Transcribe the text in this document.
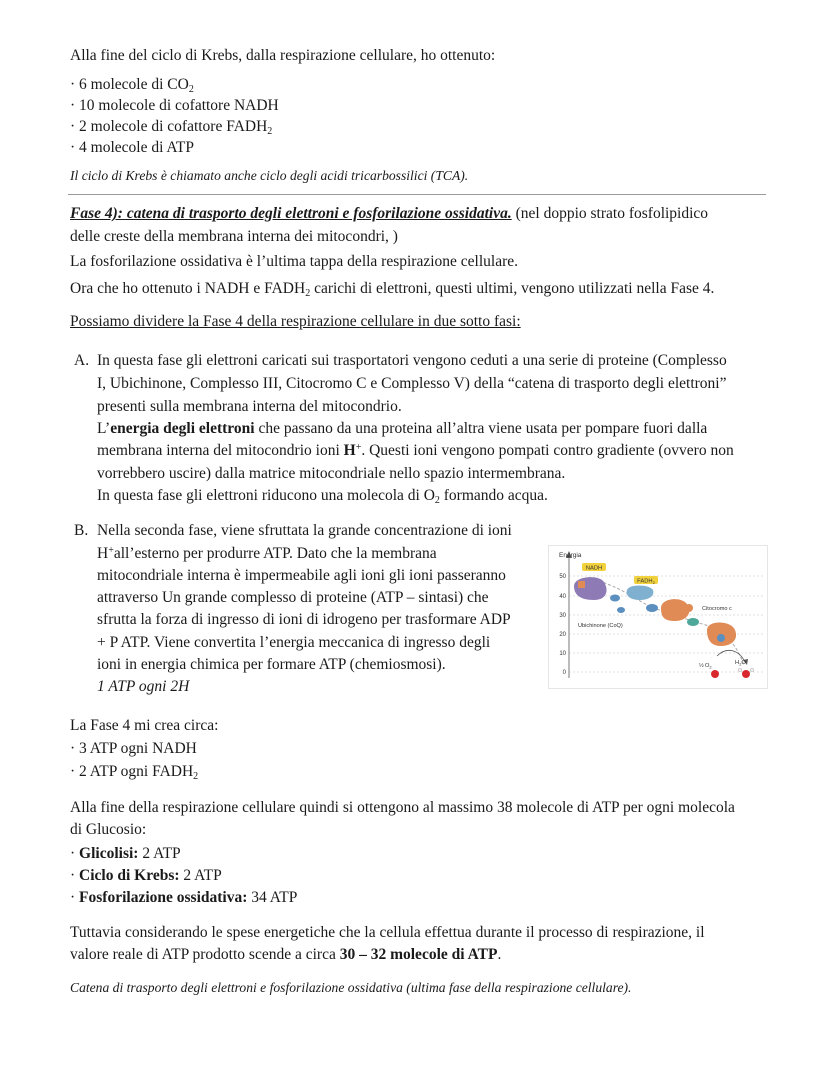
Alla fine del ciclo di Krebs, dalla respirazione cellulare, ho ottenuto:
· 6 molecole di $CO_2$
· 10 molecole di cofattore NADH
· 2 molecole di cofattore $FADH_2$
· 4 molecole di ATP
Il ciclo di Krebs è chiamato anche ciclo degli acidi tricarbossilici (TCA).
Fase 4): catena di trasporto degli elettroni e fosforilazione ossidativa. (nel doppio strato fosfolipidico
delle creste della membrana interna dei mitocondri, )
La fosforilazione ossidativa è l’ultima tappa della respirazione cellulare.
Ora che ho ottenuto i NADH e $FADH_2$ carichi di elettroni, questi ultimi, vengono utilizzati nella Fase 4.
Possiamo dividere la Fase 4 della respirazione cellulare in due sotto fasi:
A. In questa fase gli elettroni caricati sui trasportatori vengono ceduti a una serie di proteine (Complesso
I, Ubichinone, Complesso III, Citocromo C e Complesso V) della “catena di trasporto degli elettroni”
presenti sulla membrana interna del mitocondrio.
L’energia degli elettroni che passano da una proteina all’altra viene usata per pompare fuori dalla
membrana interna del mitocondrio ioni H+. Questi ioni vengono pompati contro gradiente (ovvero non
vorrebbero uscire) dalla matrice mitocondriale nello spazio intermembrana.
In questa fase gli elettroni riducono una molecola di $O_2$ formando acqua.
B. Nella seconda fase, viene sfruttata la grande concentrazione di ioni
H+all’esterno per produrre ATP. Dato che la membrana
mitocondriale interna è impermeabile agli ioni gli ioni passeranno
attraverso Un grande complesso di proteine (ATP – sintasi) che
sfrutta la forza di ingresso di ioni di idrogeno per trasformare ADP
+ P ATP. Viene convertita l’energia meccanica di ingresso degli
ioni in energia chimica per formare ATP (chemiosmosi).
1 ATP ogni 2H
Energia
50
40
30
20
10
0
NADH
$FADH_2$
Ubichinone (CoQ)
Citocromo c
$\frac{1}{2}O_2$
$H_2O$
La Fase 4 mi crea circa:
· 3 ATP ogni NADH
· 2 ATP ogni $FADH_2$
Alla fine della respirazione cellulare quindi si ottengono al massimo 38 molecole di ATP per ogni molecola
di Glucosio:
· Glicolisi: 2 ATP
· Ciclo di Krebs: 2 ATP
· Fosforilazione ossidativa: 34 ATP
Tuttavia considerando le spese energetiche che la cellula effettua durante il processo di respirazione, il
valore reale di ATP prodotto scende a circa 30 – 32 molecole di ATP.
Catena di trasporto degli elettroni e fosforilazione ossidativa (ultima fase della respirazione cellulare).
